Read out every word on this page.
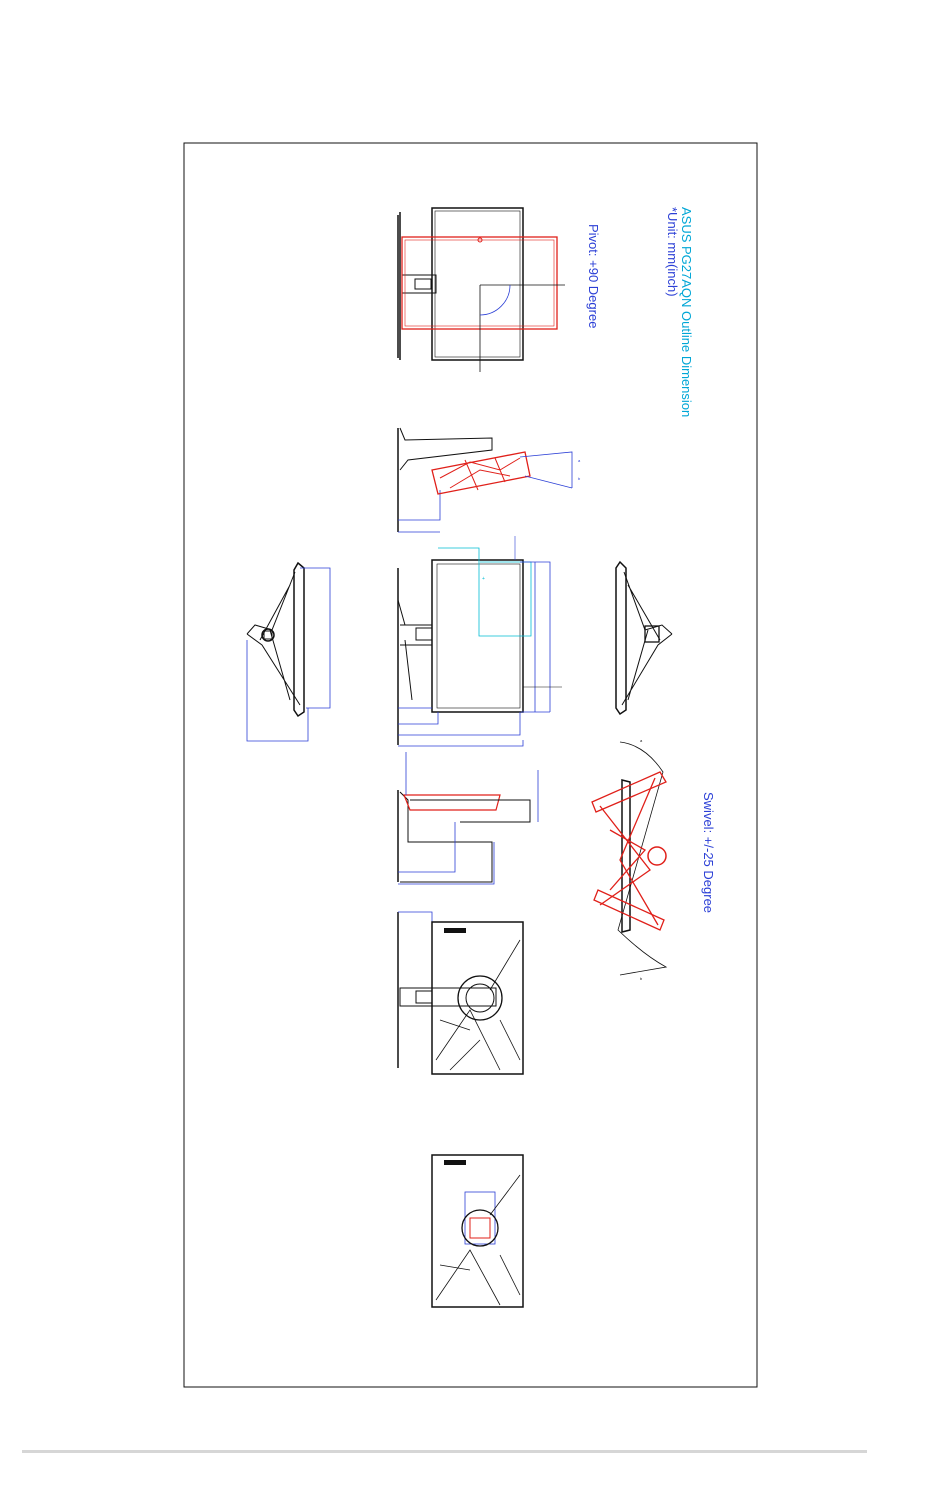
a
b
+
a
b
ASUS PG27AQN Outline Dimension
*Unit: mm(inch)
Pivot: +90 Degree
Swivel: +/-25 Degree
